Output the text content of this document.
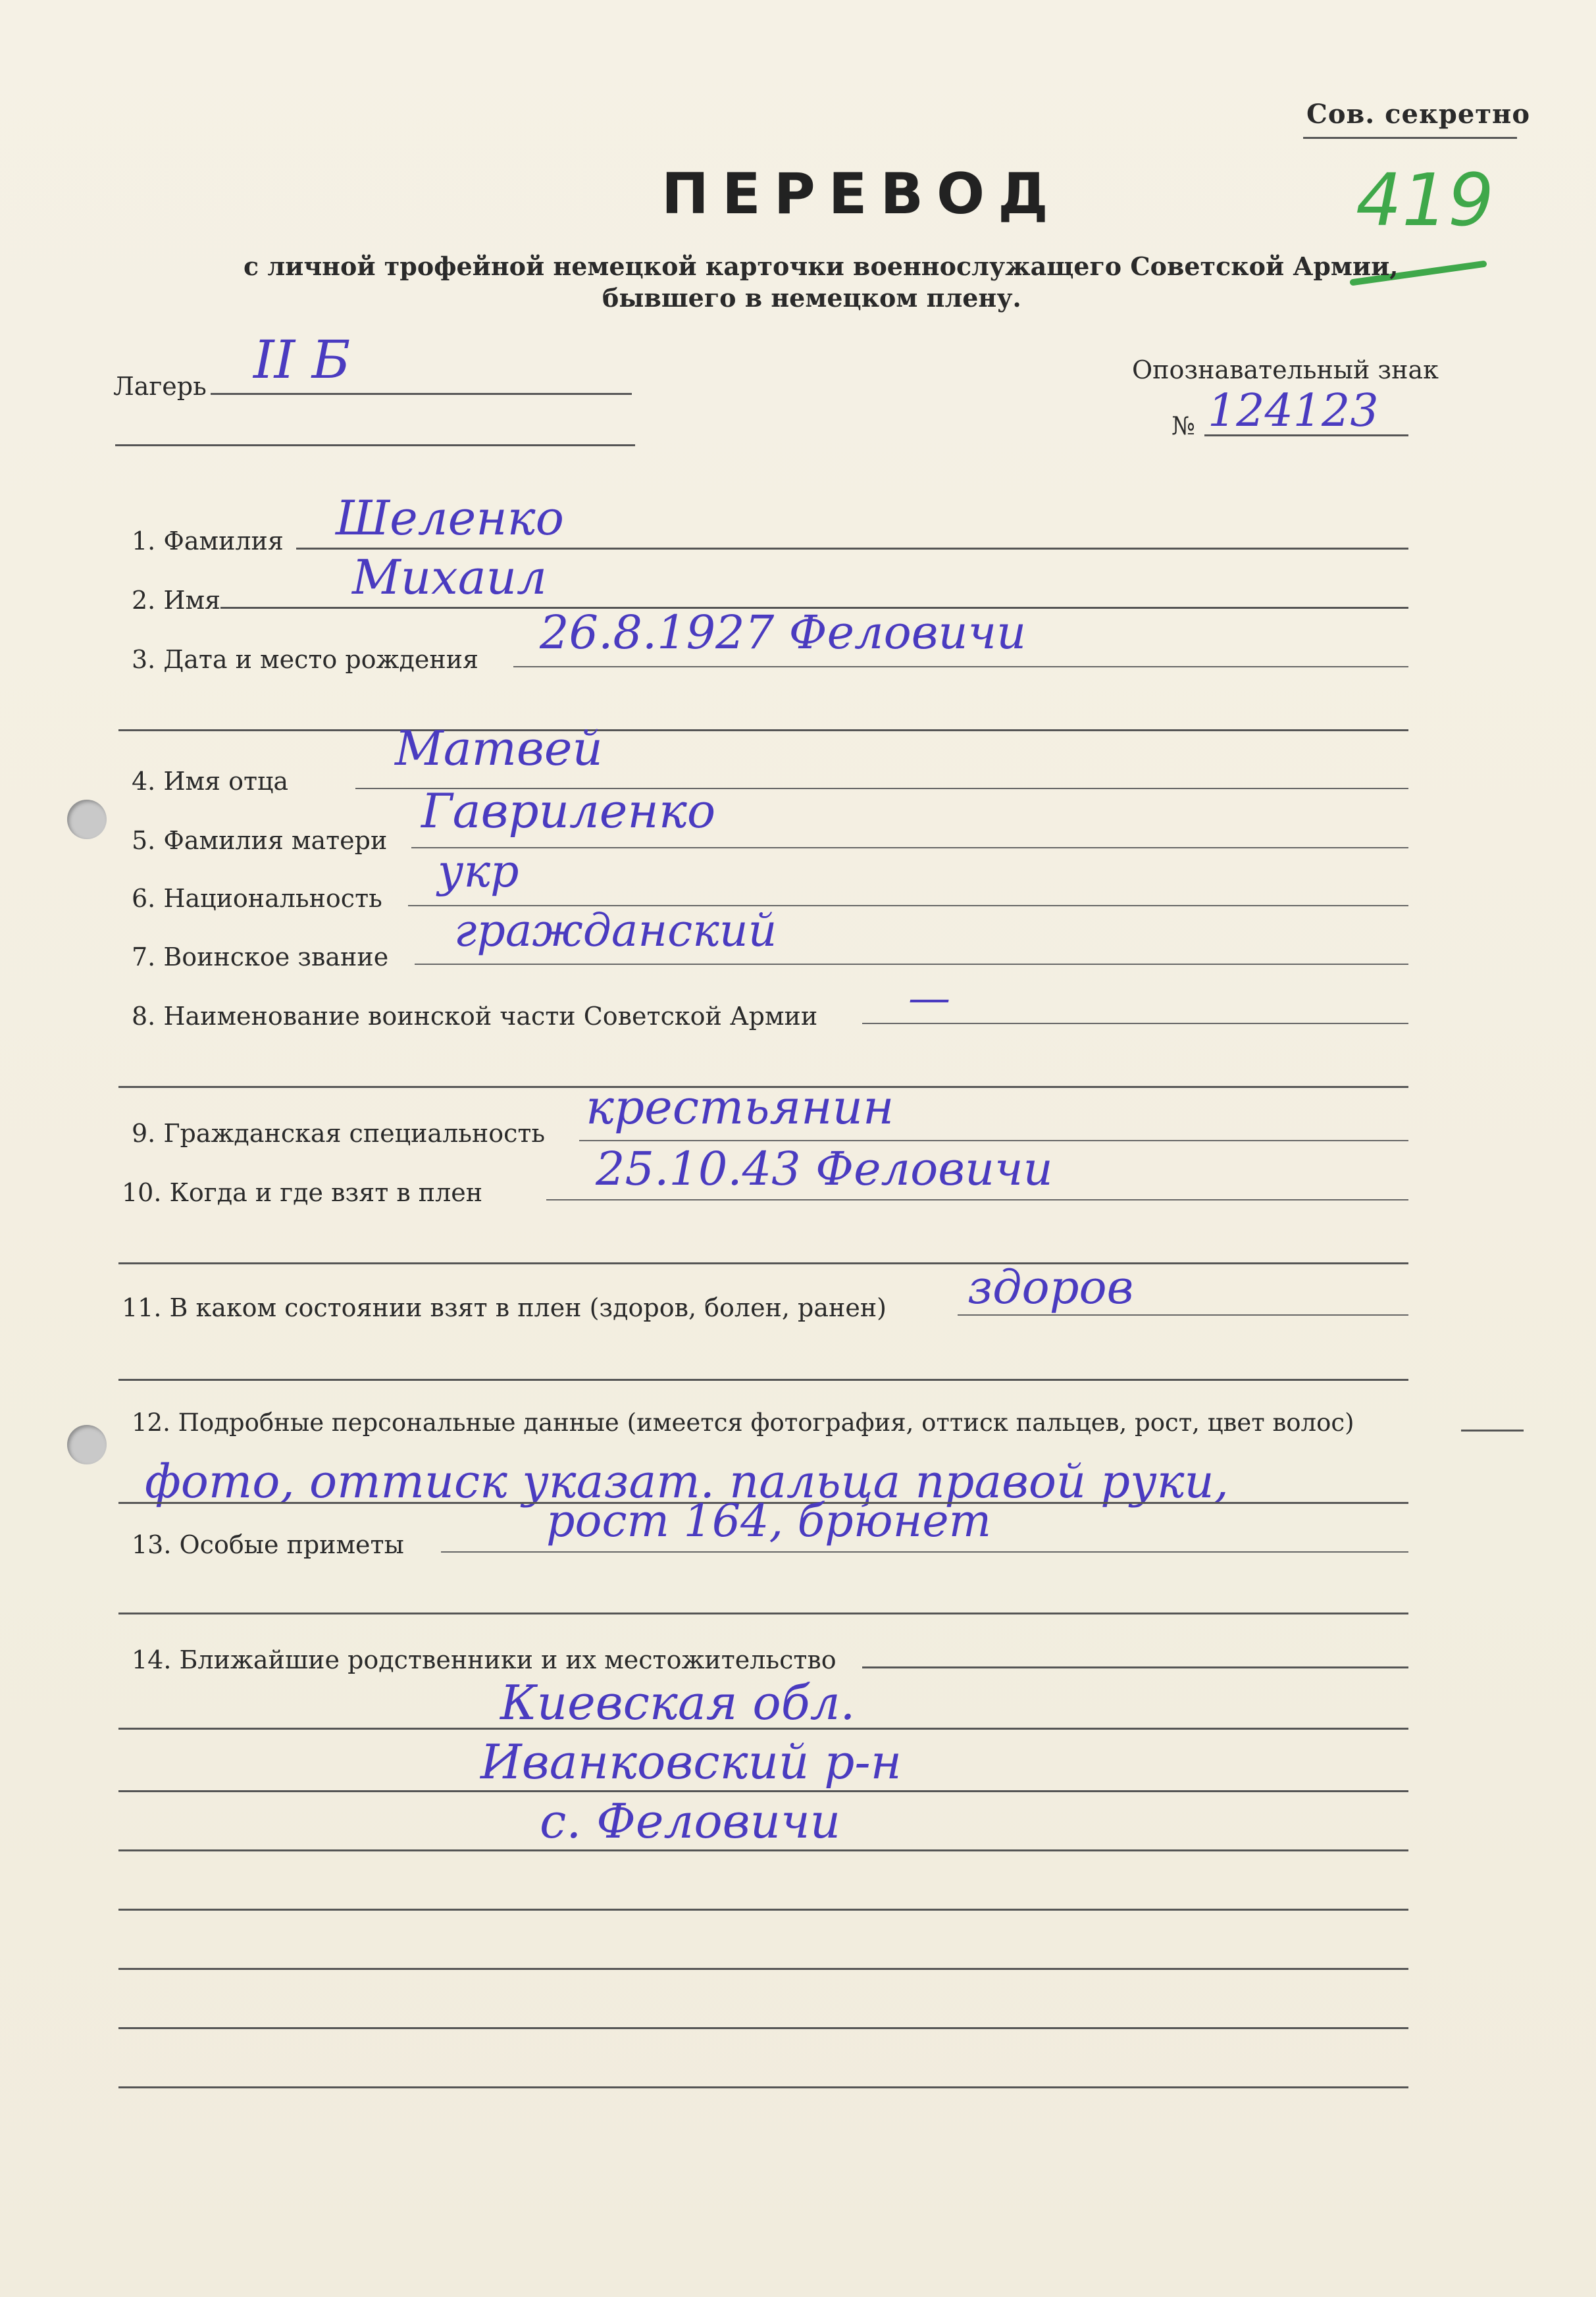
Сов. секретно
419
ПЕРЕВОД
с личной трофейной немецкой карточки военнослужащего Советской Армии,
бывшего в немецком плену.
Лагерь II Б	Опознавательный знак
№ 124123
1. Фамилия Шеленко
2. Имя	Михаил
3. Дата и место рождения 26.8.1927 Феловичи
4. Имя отца
Матвей
5. Фамилия матери
Гавриленко
6. Национальность
укр
7. Воинское звание гражданский
8. Наименование воинской части Советской Армии —
9. Гражданская специальность крестьянин
10. Когда и где взят в плен 25.10.43 Феловичи
11. В каком состоянии взят в плен (здоров, болен, ранен) здоров
12. Подробные персональные данные (имеется фотография, оттиск пальцев, рост, цвет волос)
фото, оттиск указат. пальца правой руки,
13. Особые приметы	рост 164, брюнет
14. Ближайшие родственники и их местожительство
Киевская обл.
Иванковский р-н
с. Феловичи
